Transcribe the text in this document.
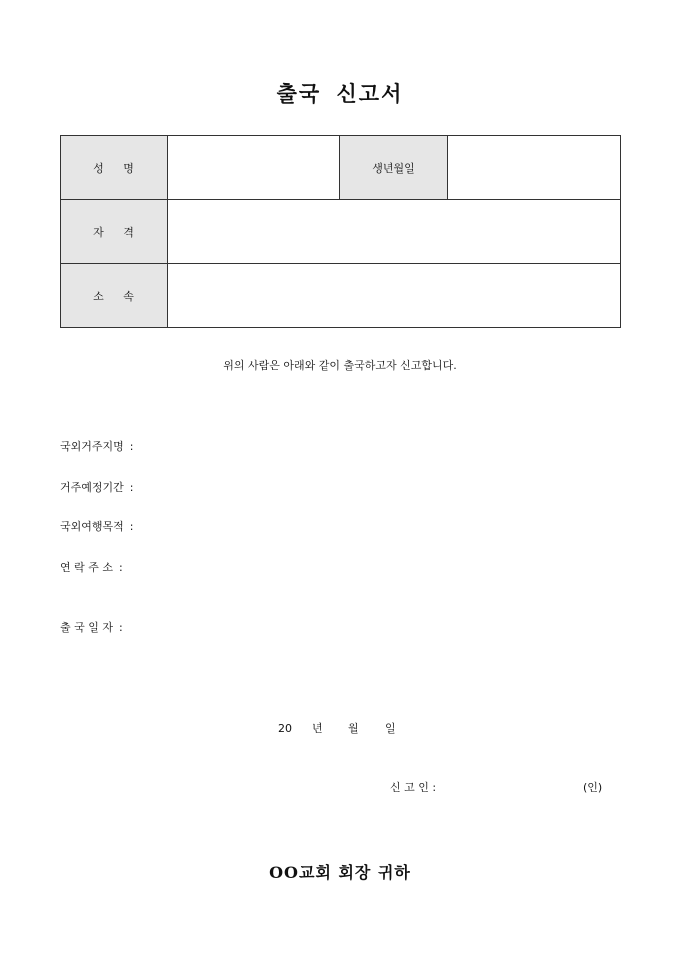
출국 신고서
성 명		생년월일	
자 격			
소 속			
위의 사람은 아래와 같이 출국하고자 신고합니다.
국외거주지명 :
거주예정기간 :
국외여행목적 :
연 락 주 소 :
출 국 일 자 :
20 년 월 일
신 고 인 :	(인)
OO교회 회장 귀하
